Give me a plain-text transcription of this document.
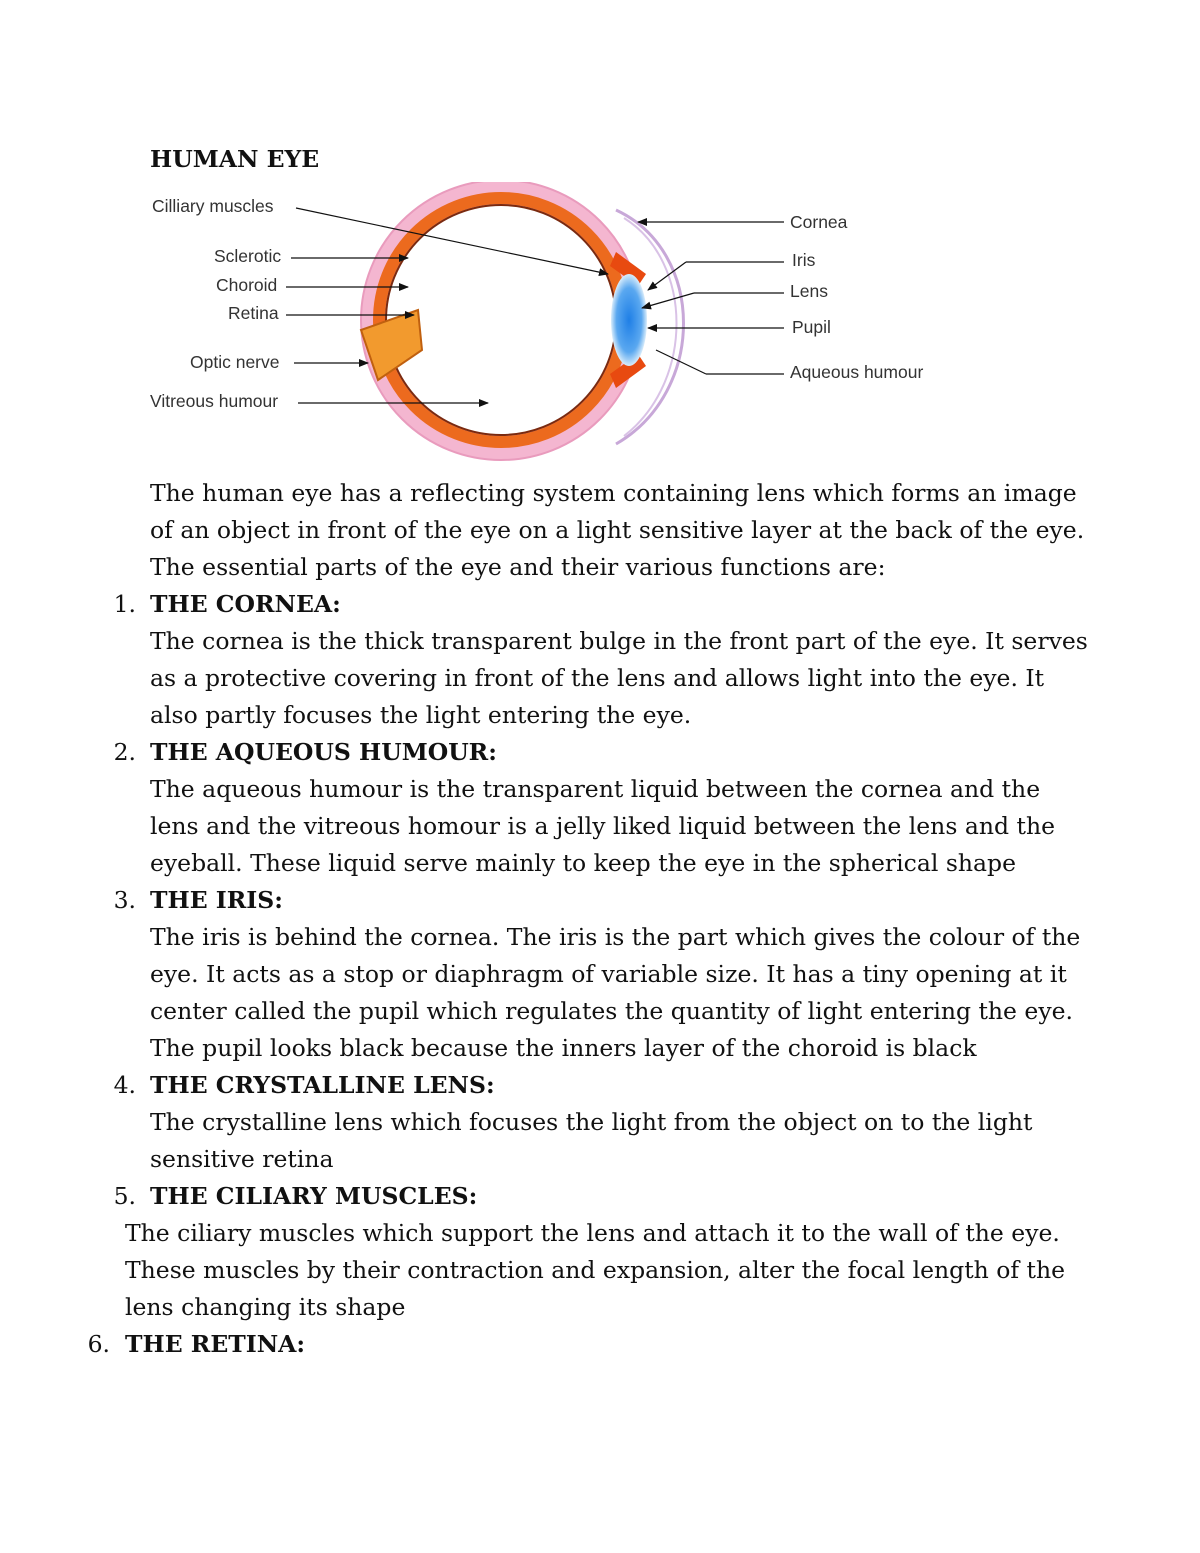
HUMAN EYE

Cilliary muscles
Sclerotic
Choroid
Retina
Optic nerve
Vitreous humour
Cornea
Iris
Lens
Pupil
Aqueous humour

The human eye has a reflecting system containing lens which forms an image

of an object in front of the eye on a light sensitive layer at the back of the eye.

The essential parts of the eye and their various functions are:

1. THE CORNEA:

The cornea is the thick transparent bulge in the front part of the eye. It serves

as a protective covering in front of the lens and allows light into the eye. It

also partly focuses the light entering the eye.

2. THE AQUEOUS HUMOUR:

The aqueous humour is the transparent liquid between the cornea and the

lens and the vitreous homour is a jelly liked liquid between the lens and the

eyeball. These liquid serve mainly to keep the eye in the spherical shape

3. THE IRIS:

The iris is behind the cornea. The iris is the part which gives the colour of the

eye. It acts as a stop or diaphragm of variable size. It has a tiny opening at it

center called the pupil which regulates the quantity of light entering the eye.

The pupil looks black because the inners layer of the choroid is black

4. THE CRYSTALLINE LENS:

The crystalline lens which focuses the light from the object on to the light

sensitive retina

5. THE CILIARY MUSCLES:

The ciliary muscles which support the lens and attach it to the wall of the eye.

These muscles by their contraction and expansion, alter the focal length of the

lens changing its shape

6. THE RETINA:
